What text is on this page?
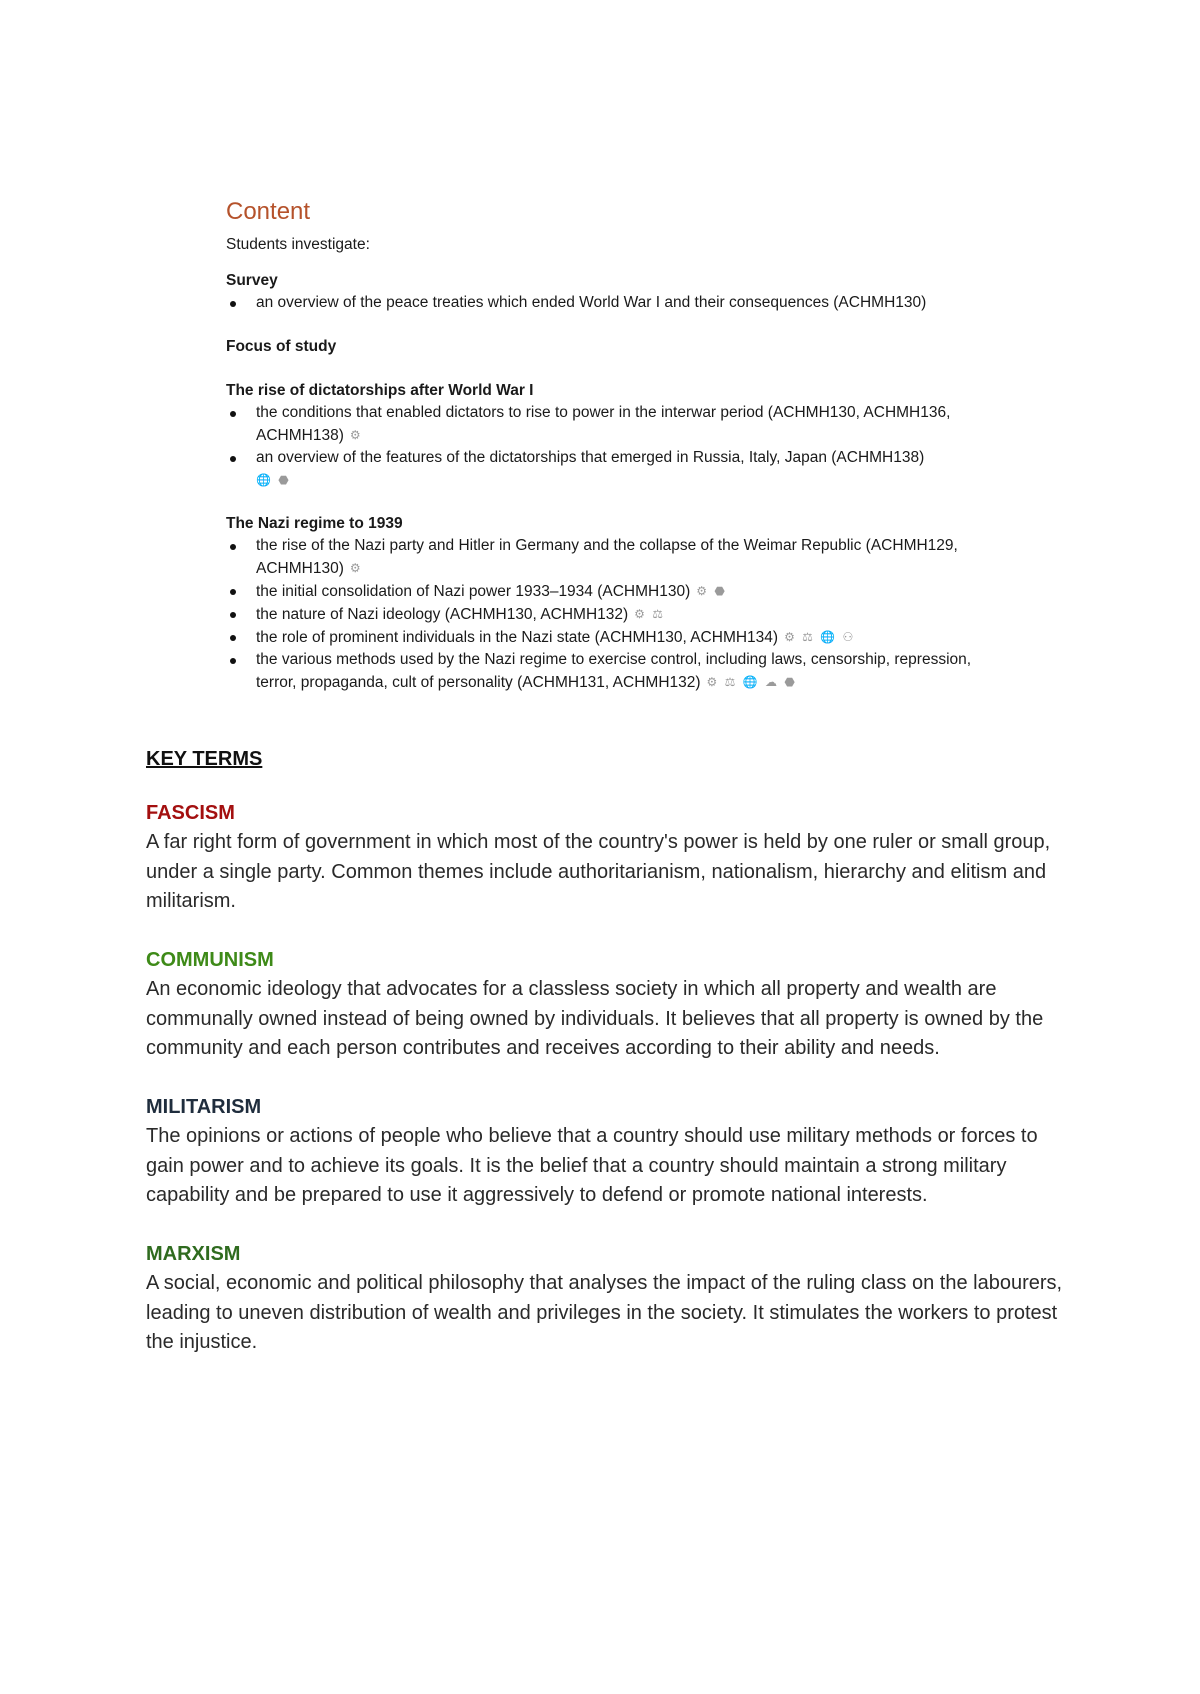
Content

Students investigate:

Survey

an overview of the peace treaties which ended World War I and their consequences (ACHMH130)

Focus of study

The rise of dictatorships after World War I

the conditions that enabled dictators to rise to power in the interwar period (ACHMH130, ACHMH136, ACHMH138) ⚙
an overview of the features of the dictatorships that emerged in Russia, Italy, Japan (ACHMH138)
🌐 ⬣

The Nazi regime to 1939

the rise of the Nazi party and Hitler in Germany and the collapse of the Weimar Republic (ACHMH129, ACHMH130) ⚙
the initial consolidation of Nazi power 1933–1934 (ACHMH130) ⚙ ⬣
the nature of Nazi ideology (ACHMH130, ACHMH132) ⚙ ⚖
the role of prominent individuals in the Nazi state (ACHMH130, ACHMH134) ⚙ ⚖ 🌐 ⚇
the various methods used by the Nazi regime to exercise control, including laws, censorship, repression, terror, propaganda, cult of personality (ACHMH131, ACHMH132) ⚙ ⚖ 🌐 ☁ ⬣

KEY TERMS

FASCISM

A far right form of government in which most of the country's power is held by one ruler or small group, under a single party. Common themes include authoritarianism, nationalism, hierarchy and elitism and militarism.

COMMUNISM

An economic ideology that advocates for a classless society in which all property and wealth are communally owned instead of being owned by individuals. It believes that all property is owned by the community and each person contributes and receives according to their ability and needs.

MILITARISM

The opinions or actions of people who believe that a country should use military methods or forces to gain power and to achieve its goals. It is the belief that a country should maintain a strong military capability and be prepared to use it aggressively to defend or promote national interests.

MARXISM

A social, economic and political philosophy that analyses the impact of the ruling class on the labourers, leading to uneven distribution of wealth and privileges in the society. It stimulates the workers to protest the injustice.
